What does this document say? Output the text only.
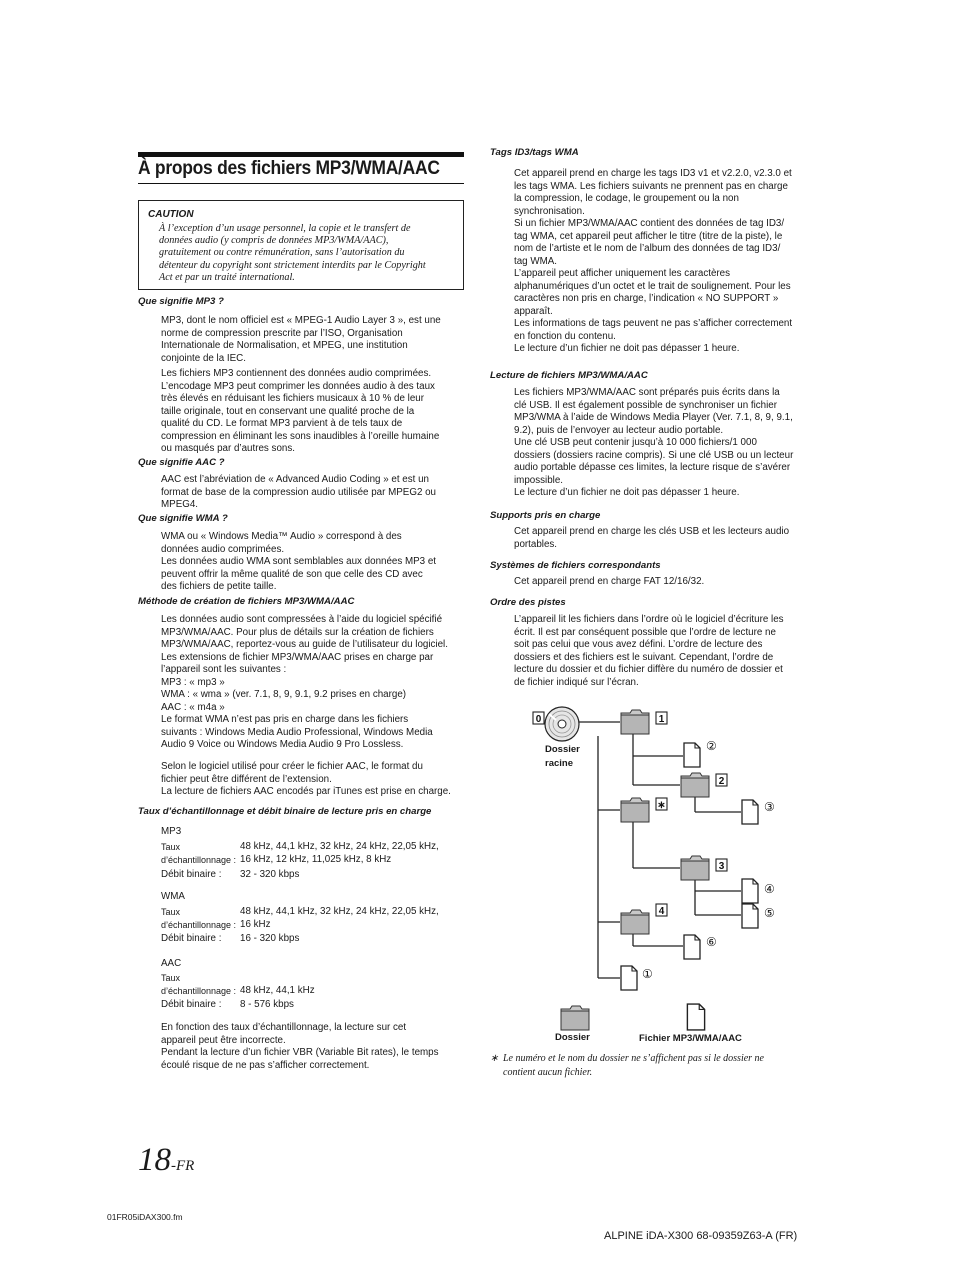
À propos des fichiers MP3/WMA/AAC
CAUTION
À l’exception d’un usage personnel, la copie et le transfert de
données audio (y compris de données MP3/WMA/AAC),
gratuitement ou contre rémunération, sans l’autorisation du
détenteur du copyright sont strictement interdits par le Copyright
Act et par un traité international.
Que signifie MP3 ?
MP3, dont le nom officiel est « MPEG-1 Audio Layer 3 », est une
norme de compression prescrite par l’ISO, Organisation
Internationale de Normalisation, et MPEG, une institution
conjointe de la IEC.
Les fichiers MP3 contiennent des données audio comprimées.
L’encodage MP3 peut comprimer les données audio à des taux
très élevés en réduisant les fichiers musicaux à 10 % de leur
taille originale, tout en conservant une qualité proche de la
qualité du CD. Le format MP3 parvient à de tels taux de
compression en éliminant les sons inaudibles à l’oreille humaine
ou masqués par d’autres sons.
Que signifie AAC ?
AAC est l’abréviation de « Advanced Audio Coding » et est un
format de base de la compression audio utilisée par MPEG2 ou
MPEG4.
Que signifie WMA ?
WMA ou « Windows Media™ Audio » correspond à des
données audio comprimées.
Les données audio WMA sont semblables aux données MP3 et
peuvent offrir la même qualité de son que celle des CD avec
des fichiers de petite taille.
Méthode de création de fichiers MP3/WMA/AAC
Les données audio sont compressées à l’aide du logiciel spécifié
MP3/WMA/AAC. Pour plus de détails sur la création de fichiers
MP3/WMA/AAC, reportez-vous au guide de l’utilisateur du logiciel.
Les extensions de fichier MP3/WMA/AAC prises en charge par
l’appareil sont les suivantes :
MP3 : « mp3 »
WMA : « wma » (ver. 7.1, 8, 9, 9.1, 9.2 prises en charge)
AAC : « m4a »
Le format WMA n’est pas pris en charge dans les fichiers
suivants : Windows Media Audio Professional, Windows Media
Audio 9 Voice ou Windows Media Audio 9 Pro Lossless.
Selon le logiciel utilisé pour créer le fichier AAC, le format du
fichier peut être différent de l’extension.
La lecture de fichiers AAC encodés par iTunes est prise en charge.
Taux d’échantillonnage et débit binaire de lecture pris en charge
MP3
Taux
d’échantillonnage :
48 kHz, 44,1 kHz, 32 kHz, 24 kHz, 22,05 kHz,
16 kHz, 12 kHz, 11,025 kHz, 8 kHz
Débit binaire : 32 - 320 kbps
WMA
Taux
d’échantillonnage :
48 kHz, 44,1 kHz, 32 kHz, 24 kHz, 22,05 kHz,
16 kHz
Débit binaire : 16 - 320 kbps
AAC
Taux
d’échantillonnage : 48 kHz, 44,1 kHz
Débit binaire : 8 - 576 kbps
En fonction des taux d’échantillonnage, la lecture sur cet
appareil peut être incorrecte.
Pendant la lecture d’un fichier VBR (Variable Bit rates), le temps
écoulé risque de ne pas s’afficher correctement.
Tags ID3/tags WMA
Cet appareil prend en charge les tags ID3 v1 et v2.2.0, v2.3.0 et
les tags WMA. Les fichiers suivants ne prennent pas en charge
la compression, le codage, le groupement ou la non
synchronisation.
Si un fichier MP3/WMA/AAC contient des données de tag ID3/
tag WMA, cet appareil peut afficher le titre (titre de la piste), le
nom de l’artiste et le nom de l’album des données de tag ID3/
tag WMA.
L’appareil peut afficher uniquement les caractères
alphanumériques d’un octet et le trait de soulignement. Pour les
caractères non pris en charge, l’indication « NO SUPPORT »
apparaît.
Les informations de tags peuvent ne pas s’afficher correctement
en fonction du contenu.
Le lecture d’un fichier ne doit pas dépasser 1 heure.
Lecture de fichiers MP3/WMA/AAC
Les fichiers MP3/WMA/AAC sont préparés puis écrits dans la
clé USB. Il est également possible de synchroniser un fichier
MP3/WMA à l’aide de Windows Media Player (Ver. 7.1, 8, 9, 9.1,
9.2), puis de l’envoyer au lecteur audio portable.
Une clé USB peut contenir jusqu’à 10 000 fichiers/1 000
dossiers (dossiers racine compris). Si une clé USB ou un lecteur
audio portable dépasse ces limites, la lecture risque de s’avérer
impossible.
Le lecture d’un fichier ne doit pas dépasser 1 heure.
Supports pris en charge
Cet appareil prend en charge les clés USB et les lecteurs audio
portables.
Systèmes de fichiers correspondants
Cet appareil prend en charge FAT 12/16/32.
Ordre des pistes
L’appareil lit les fichiers dans l’ordre où le logiciel d’écriture les
écrit. Il est par conséquent possible que l’ordre de lecture ne
soit pas celui que vous avez défini. L’ordre de lecture des
dossiers et des fichiers est le suivant. Cependant, l’ordre de
lecture du dossier et du fichier diffère du numéro de dossier et
de fichier indiqué sur l’écran.
0	1
2
∗
3
4
②
③
④
⑤
⑥
①
Dossier
racine
Dossier	Fichier MP3/WMA/AAC
∗ Le numéro et le nom du dossier ne s’affichent pas si le dossier ne
contient aucun fichier.
18-FR
01FR05iDAX300.fm
ALPINE iDA-X300 68-09359Z63-A (FR)
